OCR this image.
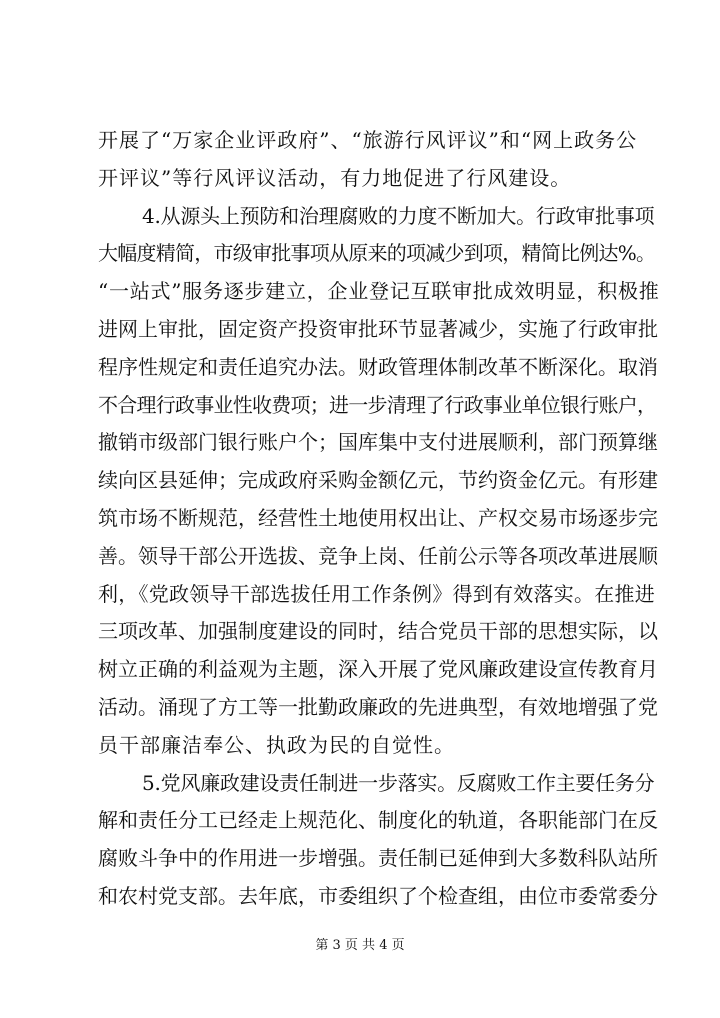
开展了“万家企业评政府”、“旅游行风评议”和“网上政务公
开评议”等行风评议活动，有力地促进了行风建设。
4.从源头上预防和治理腐败的力度不断加大。行政审批事项
大幅度精简，市级审批事项从原来的项减少到项，精简比例达%。
“一站式”服务逐步建立，企业登记互联审批成效明显，积极推
进网上审批，固定资产投资审批环节显著减少，实施了行政审批
程序性规定和责任追究办法。财政管理体制改革不断深化。取消
不合理行政事业性收费项；进一步清理了行政事业单位银行账户，
撤销市级部门银行账户个；国库集中支付进展顺利，部门预算继
续向区县延伸；完成政府采购金额亿元，节约资金亿元。有形建
筑市场不断规范，经营性土地使用权出让、产权交易市场逐步完
善。领导干部公开选拔、竞争上岗、任前公示等各项改革进展顺
利，《党政领导干部选拔任用工作条例》得到有效落实。在推进
三项改革、加强制度建设的同时，结合党员干部的思想实际，以
树立正确的利益观为主题，深入开展了党风廉政建设宣传教育月
活动。涌现了方工等一批勤政廉政的先进典型，有效地增强了党
员干部廉洁奉公、执政为民的自觉性。
5.党风廉政建设责任制进一步落实。反腐败工作主要任务分
解和责任分工已经走上规范化、制度化的轨道，各职能部门在反
腐败斗争中的作用进一步增强。责任制已延伸到大多数科队站所
和农村党支部。去年底，市委组织了个检查组，由位市委常委分
第 3 页 共 4 页
